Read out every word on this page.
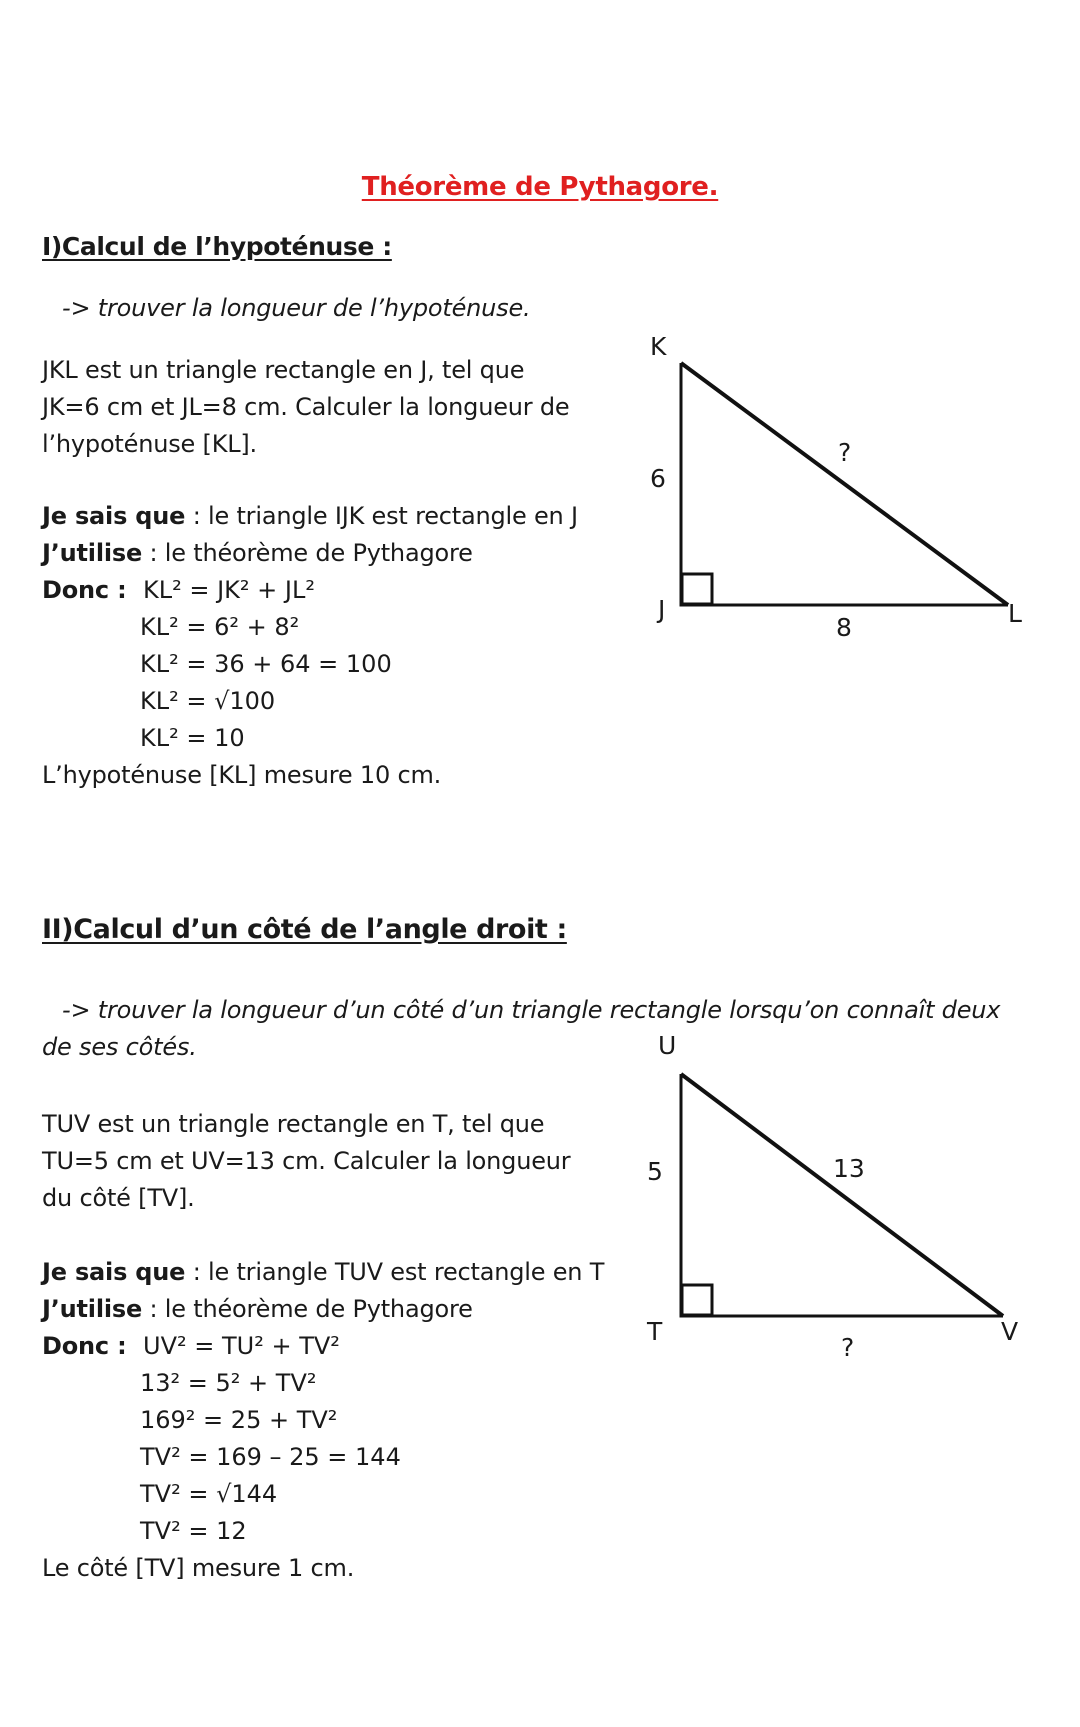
Théorème de Pythagore.
I)Calcul de l’hypoténuse :
-> trouver la longueur de l’hypoténuse.
JKL est un triangle rectangle en J, tel que
JK=6 cm et JL=8 cm. Calculer la longueur de
l’hypoténuse [KL].
Je sais que : le triangle IJK est rectangle en J
J’utilise : le théorème de Pythagore
Donc : KL² = JK² + JL²
KL² = 6² + 8²
KL² = 36 + 64 = 100
KL² = √100
KL² = 10
L’hypoténuse [KL] mesure 10 cm.
K
J	L
6
8
?
II)Calcul d’un côté de l’angle droit :
-> trouver la longueur d’un côté d’un triangle rectangle lorsqu’on connaît deux
de ses côtés.
TUV est un triangle rectangle en T, tel que
TU=5 cm et UV=13 cm. Calculer la longueur
du côté [TV].
Je sais que : le triangle TUV est rectangle en T
J’utilise : le théorème de Pythagore
Donc : UV² = TU² + TV²
13² = 5² + TV²
169² = 25 + TV²
TV² = 169 – 25 = 144
TV² = √144
TV² = 12
Le côté [TV] mesure 1 cm.
U
T	V
5
?
13
